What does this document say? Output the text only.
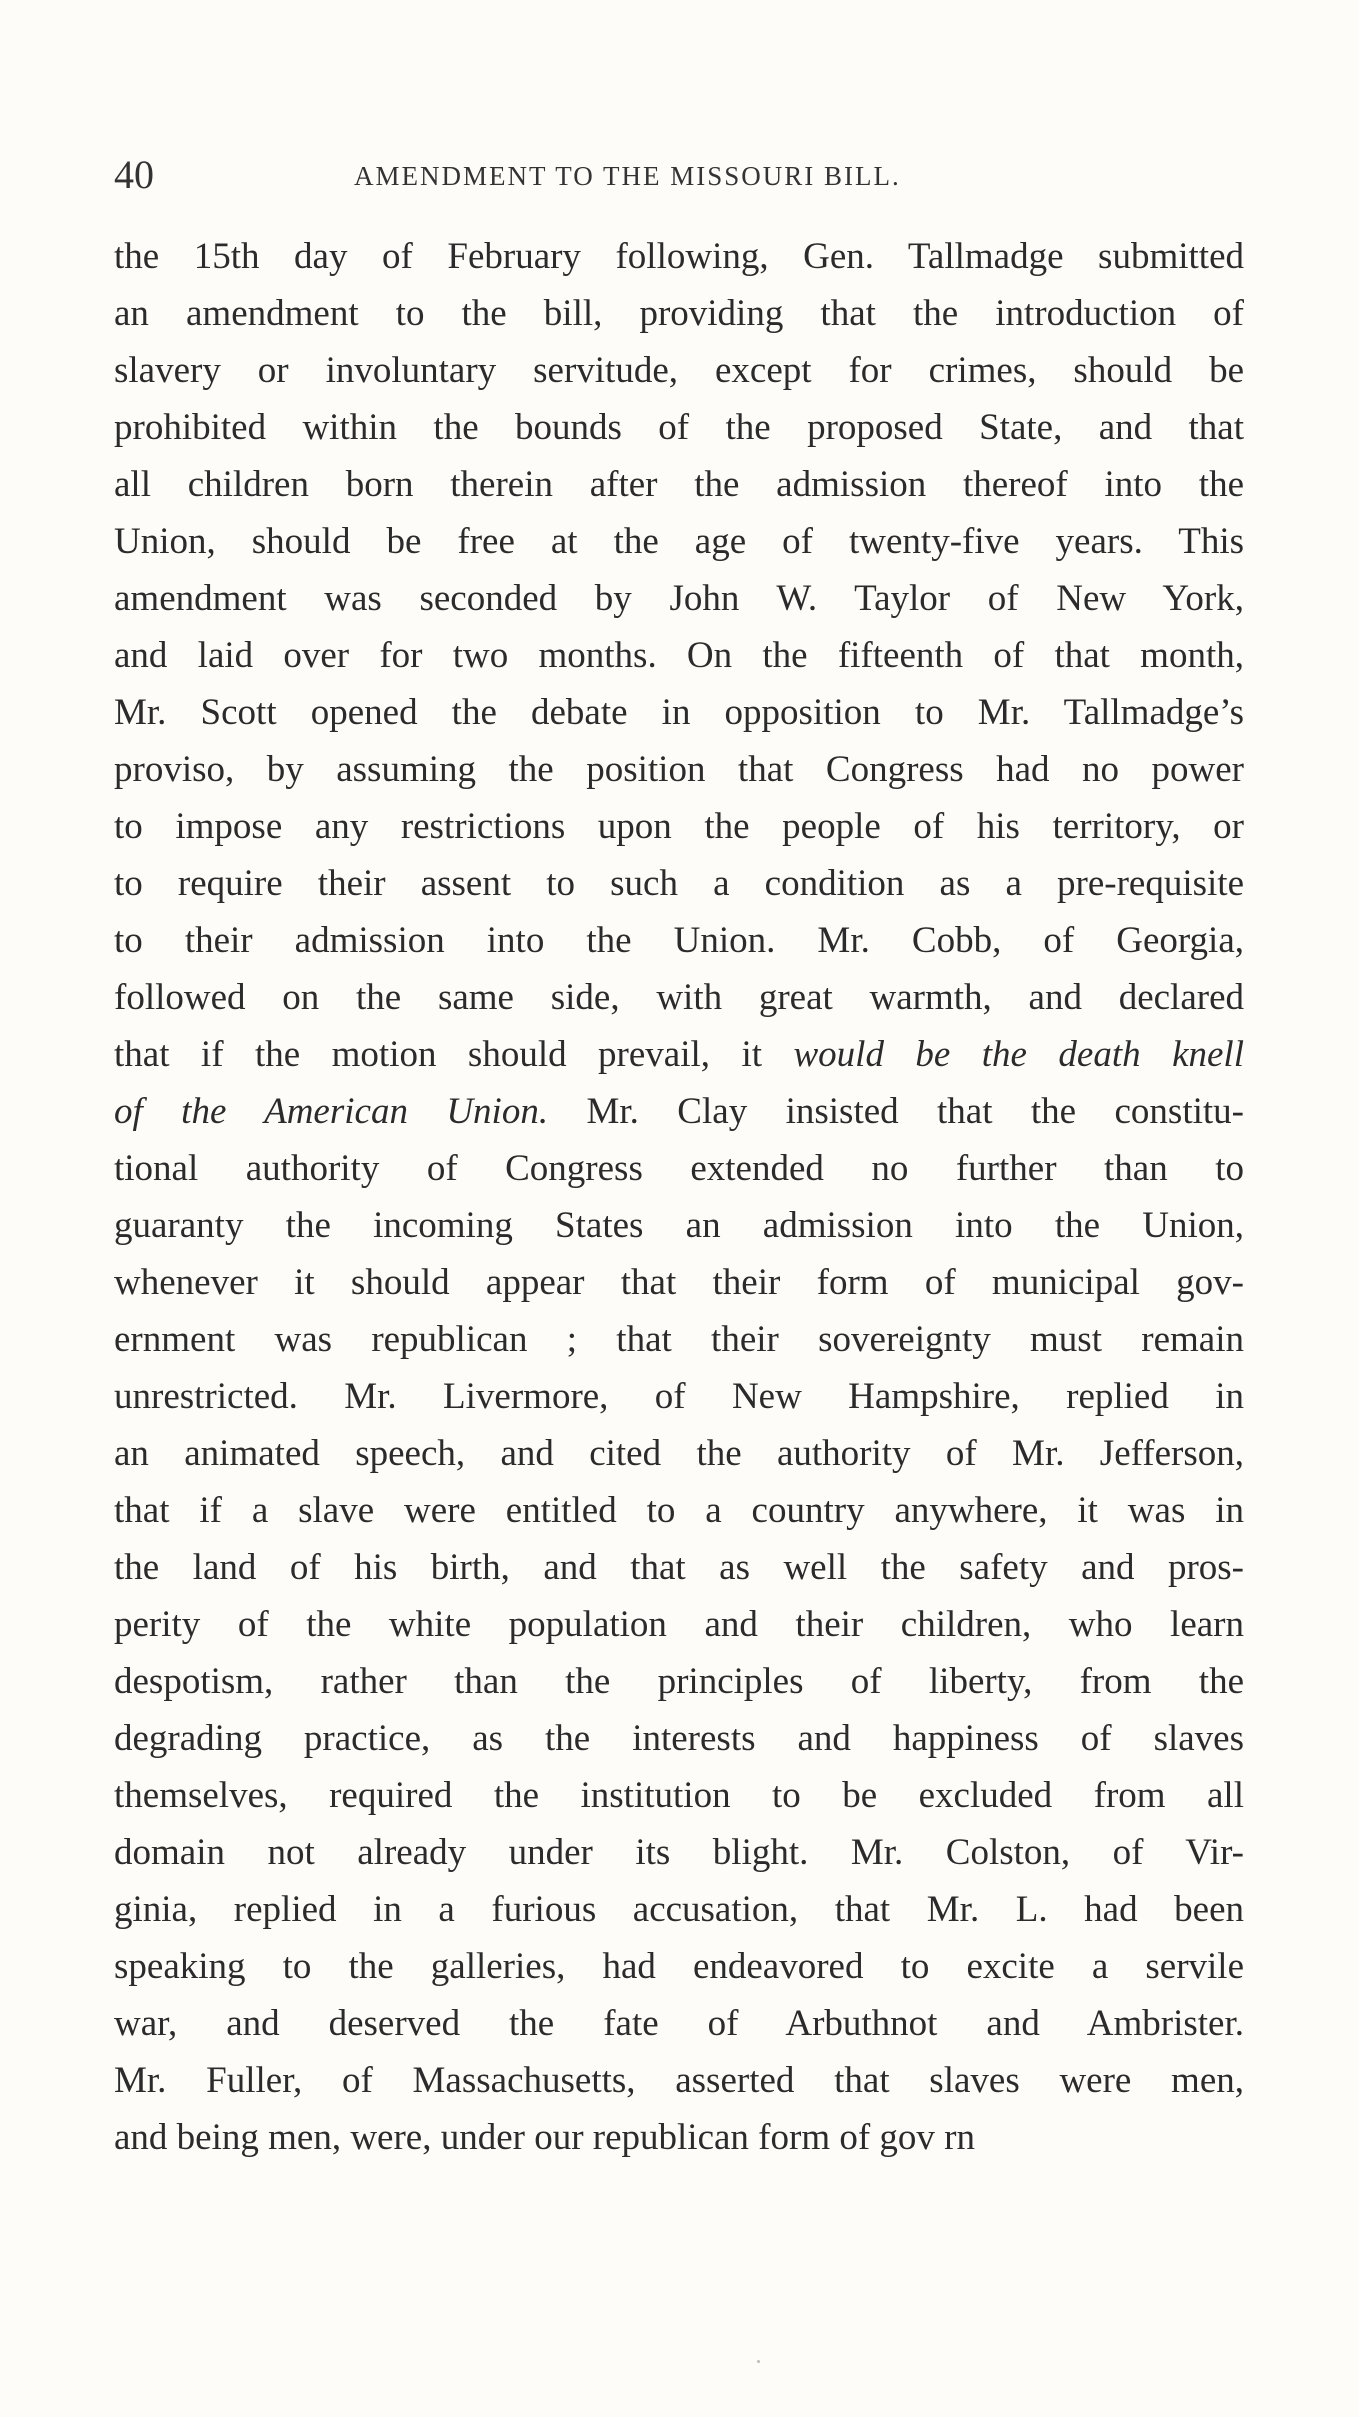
40	AMENDMENT TO THE MISSOURI BILL.
the 15th day of February following, Gen. Tallmadge submitted
an amendment to the bill, providing that the introduction of
slavery or involuntary servitude, except for crimes, should be
prohibited within the bounds of the proposed State, and that
all children born therein after the admission thereof into the
Union, should be free at the age of twenty-five years. This
amendment was seconded by John W. Taylor of New York,
and laid over for two months. On the fifteenth of that month,
Mr. Scott opened the debate in opposition to Mr. Tallmadge’s
proviso, by assuming the position that Congress had no power
to impose any restrictions upon the people of his territory, or
to require their assent to such a condition as a pre-requisite
to their admission into the Union. Mr. Cobb, of Georgia,
followed on the same side, with great warmth, and declared
that if the motion should prevail, it would be the death knell
of the American Union. Mr. Clay insisted that the constitu-
tional authority of Congress extended no further than to
guaranty the incoming States an admission into the Union,
whenever it should appear that their form of municipal gov-
ernment was republican ; that their sovereignty must remain
unrestricted. Mr. Livermore, of New Hampshire, replied in
an animated speech, and cited the authority of Mr. Jefferson,
that if a slave were entitled to a country anywhere, it was in
the land of his birth, and that as well the safety and pros-
perity of the white population and their children, who learn
despotism, rather than the principles of liberty, from the
degrading practice, as the interests and happiness of slaves
themselves, required the institution to be excluded from all
domain not already under its blight. Mr. Colston, of Vir-
ginia, replied in a furious accusation, that Mr. L. had been
speaking to the galleries, had endeavored to excite a servile
war, and deserved the fate of Arbuthnot and Ambrister.
Mr. Fuller, of Massachusetts, asserted that slaves were men,
and being men, were, under our republican form of gov rn
